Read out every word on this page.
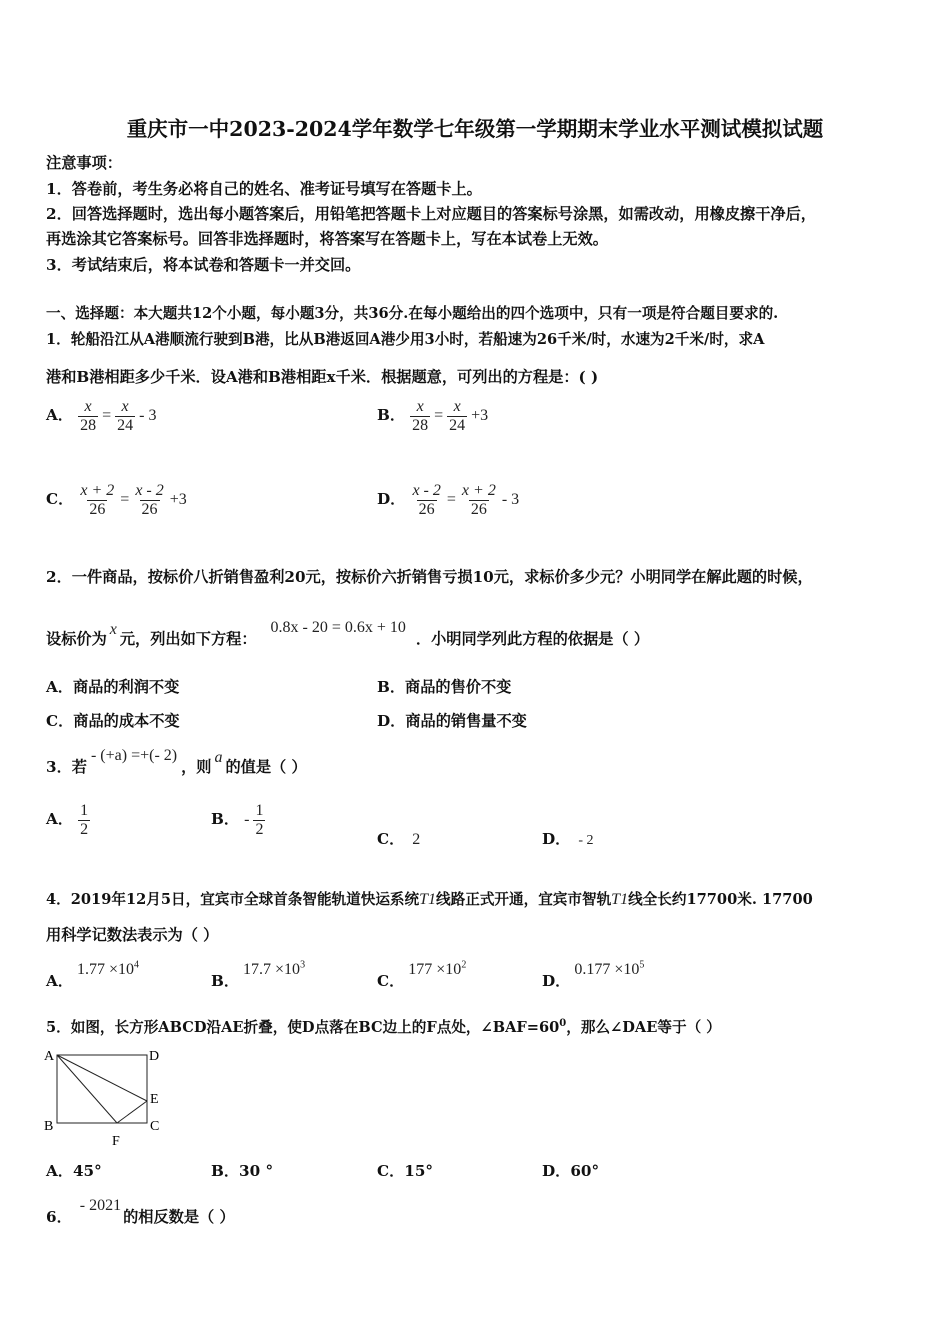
重庆市一中2023-2024学年数学七年级第一学期期末学业水平测试模拟试题
注意事项：
1．答卷前，考生务必将自己的姓名、准考证号填写在答题卡上。
2．回答选择题时，选出每小题答案后，用铅笔把答题卡上对应题目的答案标号涂黑，如需改动，用橡皮擦干净后，
再选涂其它答案标号。回答非选择题时，将答案写在答题卡上，写在本试卷上无效。
3．考试结束后，将本试卷和答题卡一并交回。
一、选择题：本大题共12个小题，每小题3分，共36分.在每小题给出的四个选项中，只有一项是符合题目要求的.
1．轮船沿江从A港顺流行驶到B港，比从B港返回A港少用3小时，若船速为26千米/时，水速为2千米/时，求A
港和B港相距多少千米．设A港和B港相距x千米．根据题意，可列出的方程是：( )
A． $\frac{x}{28} = \frac{x}{24} - 3$	B． $\frac{x}{28} = \frac{x}{24} +3$
C． $\frac{x + 2}{26} = \frac{x - 2}{26} +3$	D． $\frac{x - 2}{26} = \frac{x + 2}{26} - 3$
2．一件商品，按标价八折销售盈利20元，按标价六折销售亏损10元，求标价多少元？小明同学在解此题的时候，
设标价为x元，列出如下方程：0.8x - 20 = 0.6x + 10．小明同学列此方程的依据是（ ）
A．商品的利润不变	B．商品的售价不变
C．商品的成本不变	D．商品的销售量不变
3．若- (+a) =+(- 2)，则a的值是（ ）
A． $\frac{1}{2}$	B． - $\frac{1}{2}$
C． 2	D． - 2
4．2019年12月5日，宜宾市全球首条智能轨道快运系统T1线路正式开通，宜宾市智轨T1线全长约17700米. 17700
用科学记数法表示为（ ）
A．$1.77 \times 10^4$
B．$17.7 \times 10^3$
C．$177 \times 10^2$
D．$0.177 \times 10^5$
5．如图，长方形ABCD沿AE折叠，使D点落在BC边上的F点处，$\angle BAF=60^0$，那么∠DAE等于（ ）
A	D
E
B	C
F
A．45°	B．30 °	C．15°	D．60°
6．- 2021的相反数是（ ）
